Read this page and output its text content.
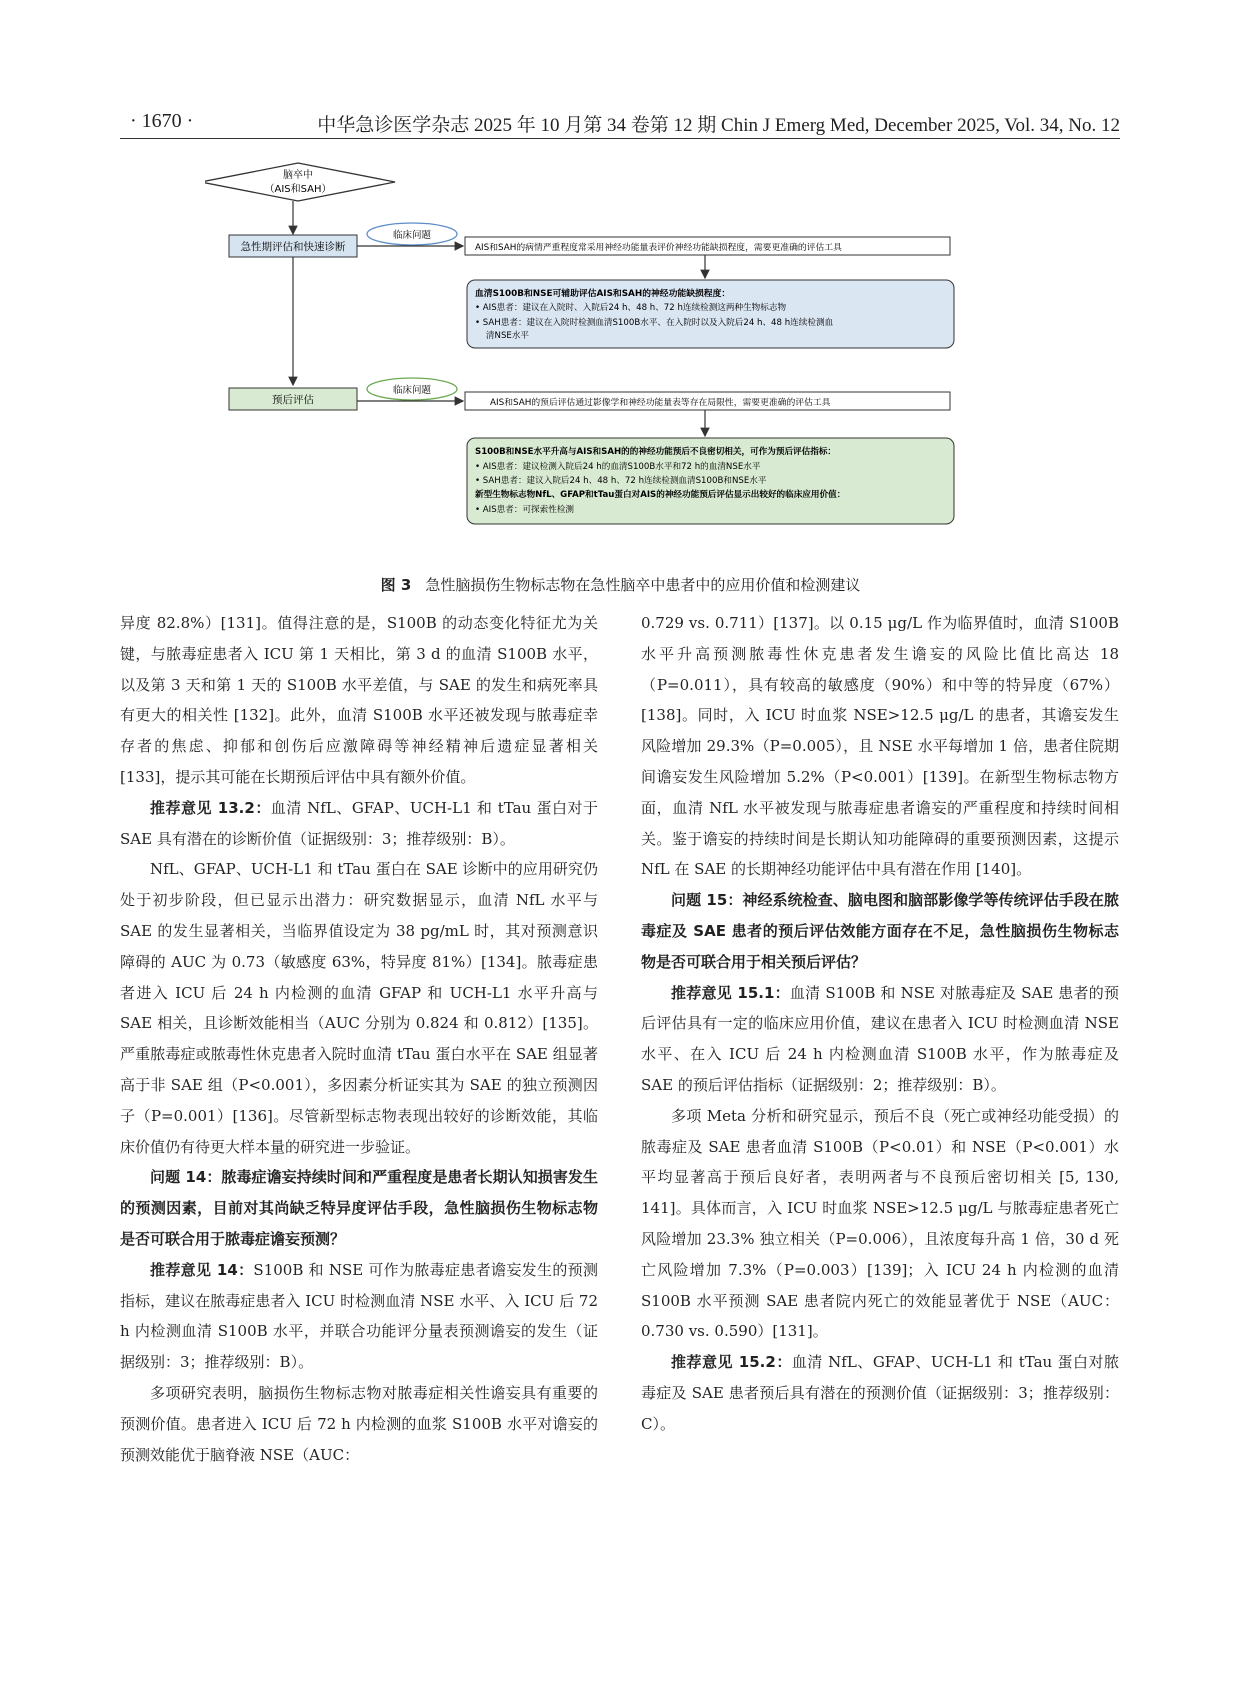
· 1670 ·	中华急诊医学杂志 2025 年 10 月第 34 卷第 12 期 Chin J Emerg Med, December 2025, Vol. 34, No. 12
脑卒中
（AIS和SAH）
急性期评估和快速诊断
临床问题
AIS和SAH的病情严重程度常采用神经功能量表评价神经功能缺损程度，需要更准确的评估工具
血清S100B和NSE可辅助评估AIS和SAH的神经功能缺损程度：
• AIS患者：建议在入院时、入院后24 h、48 h、72 h连续检测这两种生物标志物
• SAH患者：建议在入院时检测血清S100B水平、在入院时以及入院后24 h、48 h连续检测血
清NSE水平
预后评估
临床问题
AIS和SAH的预后评估通过影像学和神经功能量表等存在局限性，需要更准确的评估工具
S100B和NSE水平升高与AIS和SAH的的神经功能预后不良密切相关，可作为预后评估指标：
• AIS患者：建议检测入院后24 h的血清S100B水平和72 h的血清NSE水平
• SAH患者：建议入院后24 h、48 h、72 h连续检测血清S100B和NSE水平
新型生物标志物NfL、GFAP和tTau蛋白对AIS的神经功能预后评估显示出较好的临床应用价值：
• AIS患者：可探索性检测
图 3 急性脑损伤生物标志物在急性脑卒中患者中的应用价值和检测建议

异度 82.8%）[131]。值得注意的是，S100B 的动态变化特征尤为关键，与脓毒症患者入 ICU 第 1 天相比，第 3 d 的血清 S100B 水平，以及第 3 天和第 1 天的 S100B 水平差值，与 SAE 的发生和病死率具有更大的相关性 [132]。此外，血清 S100B 水平还被发现与脓毒症幸存者的焦虑、抑郁和创伤后应激障碍等神经精神后遗症显著相关 [133]，提示其可能在长期预后评估中具有额外价值。

推荐意见 13.2：血清 NfL、GFAP、UCH-L1 和 tTau 蛋白对于 SAE 具有潜在的诊断价值（证据级别：3；推荐级别：B）。

NfL、GFAP、UCH-L1 和 tTau 蛋白在 SAE 诊断中的应用研究仍处于初步阶段，但已显示出潜力：研究数据显示，血清 NfL 水平与 SAE 的发生显著相关，当临界值设定为 38 pg/mL 时，其对预测意识障碍的 AUC 为 0.73（敏感度 63%，特异度 81%）[134]。脓毒症患者进入 ICU 后 24 h 内检测的血清 GFAP 和 UCH-L1 水平升高与 SAE 相关，且诊断效能相当（AUC 分别为 0.824 和 0.812）[135]。严重脓毒症或脓毒性休克患者入院时血清 tTau 蛋白水平在 SAE 组显著高于非 SAE 组（P<0.001），多因素分析证实其为 SAE 的独立预测因子（P=0.001）[136]。尽管新型标志物表现出较好的诊断效能，其临床价值仍有待更大样本量的研究进一步验证。

问题 14：脓毒症谵妄持续时间和严重程度是患者长期认知损害发生的预测因素，目前对其尚缺乏特异度评估手段，急性脑损伤生物标志物是否可联合用于脓毒症谵妄预测？

推荐意见 14：S100B 和 NSE 可作为脓毒症患者谵妄发生的预测指标，建议在脓毒症患者入 ICU 时检测血清 NSE 水平、入 ICU 后 72 h 内检测血清 S100B 水平，并联合功能评分量表预测谵妄的发生（证据级别：3；推荐级别：B）。

多项研究表明，脑损伤生物标志物对脓毒症相关性谵妄具有重要的预测价值。患者进入 ICU 后 72 h 内检测的血浆 S100B 水平对谵妄的预测效能优于脑脊液 NSE（AUC：

0.729 vs. 0.711）[137]。以 0.15 μg/L 作为临界值时，血清 S100B 水平升高预测脓毒性休克患者发生谵妄的风险比值比高达 18（P=0.011），具有较高的敏感度（90%）和中等的特异度（67%）[138]。同时，入 ICU 时血浆 NSE>12.5 μg/L 的患者，其谵妄发生风险增加 29.3%（P=0.005），且 NSE 水平每增加 1 倍，患者住院期间谵妄发生风险增加 5.2%（P<0.001）[139]。在新型生物标志物方面，血清 NfL 水平被发现与脓毒症患者谵妄的严重程度和持续时间相关。鉴于谵妄的持续时间是长期认知功能障碍的重要预测因素，这提示 NfL 在 SAE 的长期神经功能评估中具有潜在作用 [140]。

问题 15：神经系统检查、脑电图和脑部影像学等传统评估手段在脓毒症及 SAE 患者的预后评估效能方面存在不足，急性脑损伤生物标志物是否可联合用于相关预后评估？

推荐意见 15.1：血清 S100B 和 NSE 对脓毒症及 SAE 患者的预后评估具有一定的临床应用价值，建议在患者入 ICU 时检测血清 NSE 水平、在入 ICU 后 24 h 内检测血清 S100B 水平，作为脓毒症及 SAE 的预后评估指标（证据级别：2；推荐级别：B）。

多项 Meta 分析和研究显示，预后不良（死亡或神经功能受损）的脓毒症及 SAE 患者血清 S100B（P<0.01）和 NSE（P<0.001）水平均显著高于预后良好者，表明两者与不良预后密切相关 [5, 130, 141]。具体而言，入 ICU 时血浆 NSE>12.5 μg/L 与脓毒症患者死亡风险增加 23.3% 独立相关（P=0.006），且浓度每升高 1 倍，30 d 死亡风险增加 7.3%（P=0.003）[139]；入 ICU 24 h 内检测的血清 S100B 水平预测 SAE 患者院内死亡的效能显著优于 NSE（AUC：0.730 vs. 0.590）[131]。

推荐意见 15.2：血清 NfL、GFAP、UCH-L1 和 tTau 蛋白对脓毒症及 SAE 患者预后具有潜在的预测价值（证据级别：3；推荐级别：C）。
